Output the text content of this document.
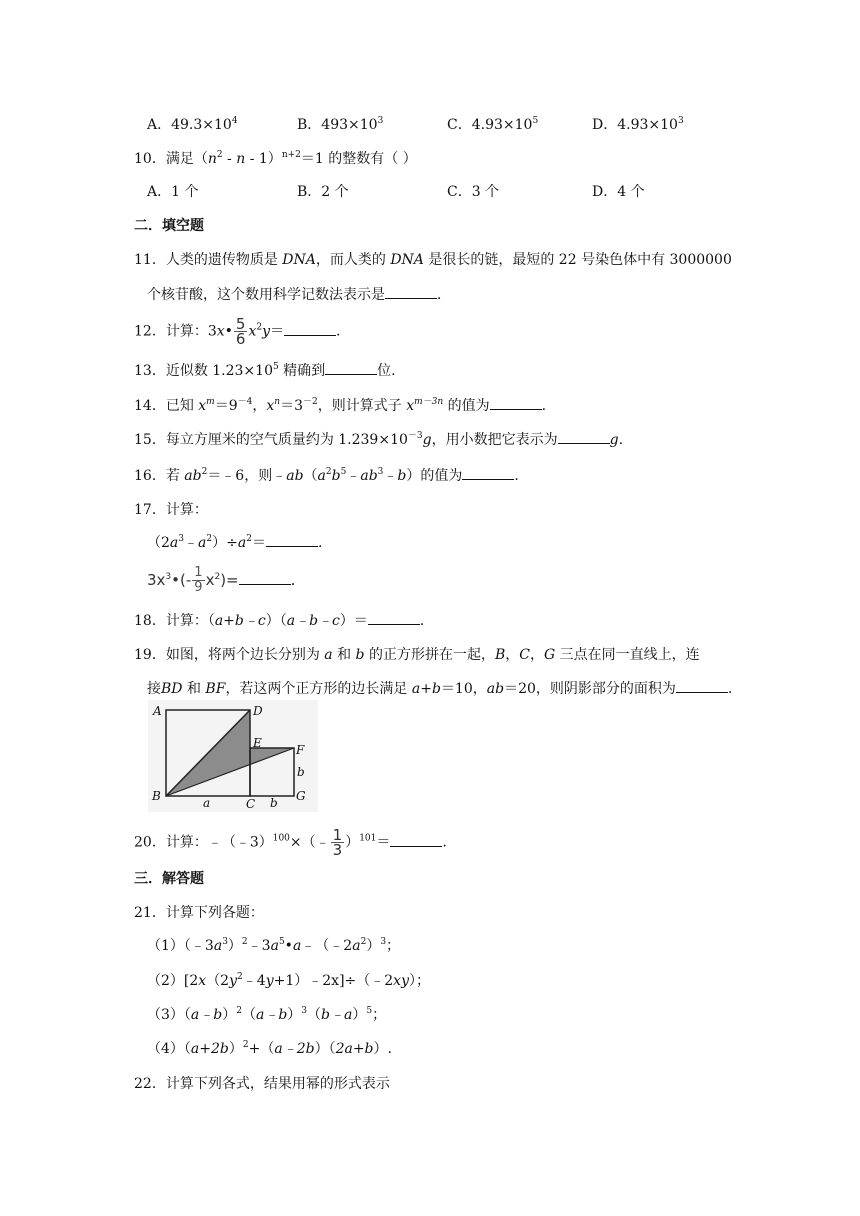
A．$49.3\times 10^4$	B．$493\times 10^3$	C．$4.93\times 10^5$	D．$4.93\times 10^3$
10．满足$(n^2 - n - 1)^{n+2}=1$ 的整数有（ ）
A．1 个	B．2 个	C．3 个	D．4 个
二．填空题
11．人类的遗传物质是 DNA，而人类的 DNA 是很长的链，最短的 22 号染色体中有 3000000
个核苷酸，这个数用科学记数法表示是	.
12．计算：3x• $\frac{5}{6} x^2y=$	.
13．近似数 $1.23\times 10^5$ 精确到	位.
14．已知 $x^m=9^{-4}$，$x^n=3^{-2}$，则计算式子 $x^{m-3n}$ 的值为	.
15．每立方厘米的空气质量约为 $1.239\times 10^{-3}g$，用小数把它表示为	g.
16．若 $ab^2=﹣6$，则$﹣ab(a^2b^5﹣ab^3﹣b)$的值为	.
17．计算：
$(2a^3﹣a^2)\div a^2=$	.
$3x^3•(- \frac{1}{9} x^2)=$	.
18．计算：（a+b﹣c）（a﹣b﹣c）＝	.
19．如图，将两个边长分别为 a 和 b 的正方形拼在一起，B，C，G 三点在同一直线上，连
接BD 和 BF，若这两个正方形的边长满足 a+b＝10，ab＝20，则阴影部分的面积为	.
A	D
E	F
B
C
G
a
b
b
20．计算：﹣（﹣3）$^{100}$×（﹣ $\frac{1}{3} )^{101}=$	.
三．解答题
21．计算下列各题：
$(1)(﹣3a^3)^2﹣3a^5•a﹣(﹣2a^2)^3$；
$(2)[2x(2y^2﹣4y+1)﹣2x]\div(﹣2xy)$；
（3）（a﹣b）$^2$（a﹣b）$^3$（b﹣a）$^5$；
$(4)(a+2b)^2+(a﹣2b)(2a+b)$.
22．计算下列各式，结果用幂的形式表示
